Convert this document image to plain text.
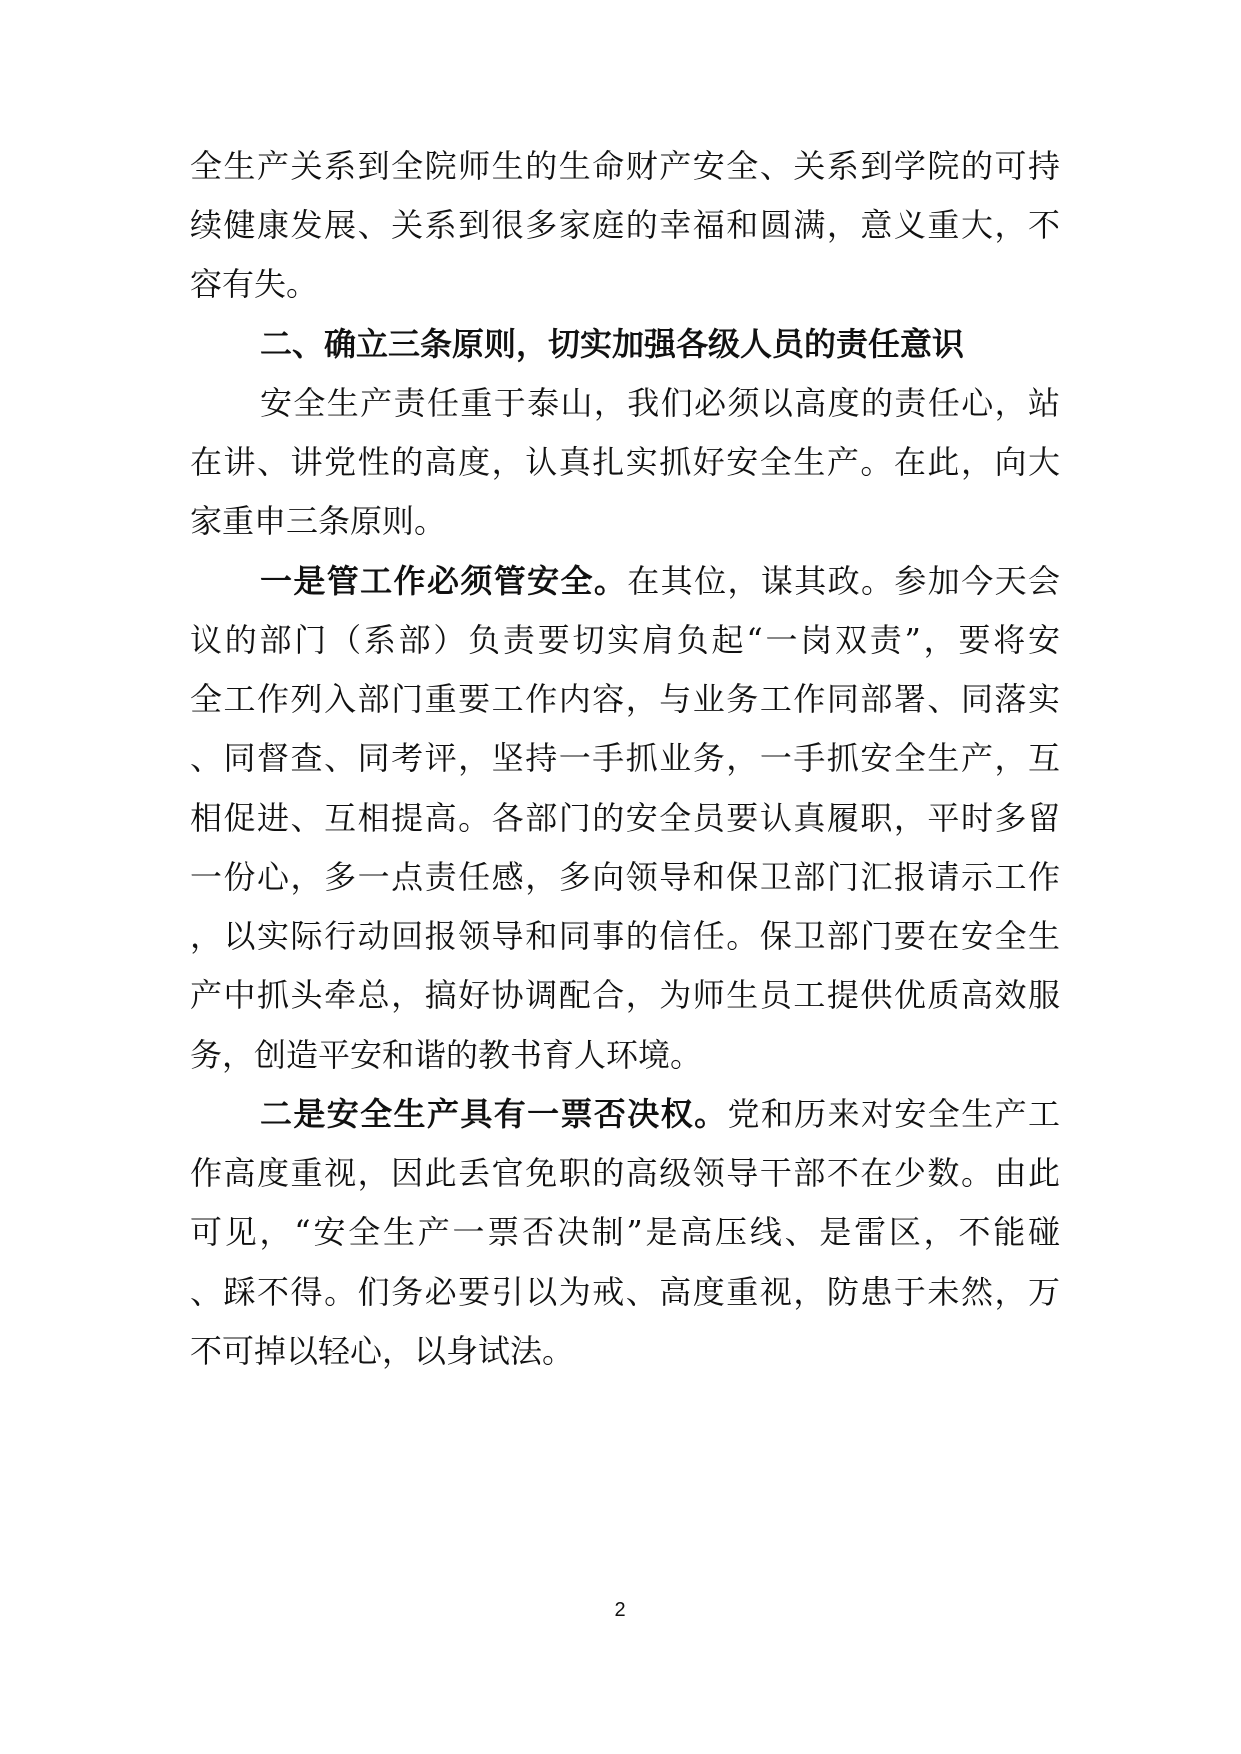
全生产关系到全院师生的生命财产安全、关系到学院的可持
续健康发展、关系到很多家庭的幸福和圆满，意义重大，不
容有失。
二、确立三条原则，切实加强各级人员的责任意识
安全生产责任重于泰山，我们必须以高度的责任心，站
在讲、讲党性的高度，认真扎实抓好安全生产。在此，向大
家重申三条原则。
一是管工作必须管安全。在其位，谋其政。参加今天会
议的部门（系部）负责要切实肩负起“一岗双责”，要将安
全工作列入部门重要工作内容，与业务工作同部署、同落实
、同督查、同考评，坚持一手抓业务，一手抓安全生产，互
相促进、互相提高。各部门的安全员要认真履职，平时多留
一份心，多一点责任感，多向领导和保卫部门汇报请示工作
，以实际行动回报领导和同事的信任。保卫部门要在安全生
产中抓头牵总，搞好协调配合，为师生员工提供优质高效服
务，创造平安和谐的教书育人环境。
二是安全生产具有一票否决权。党和历来对安全生产工
作高度重视，因此丢官免职的高级领导干部不在少数。由此
可见，“安全生产一票否决制”是高压线、是雷区，不能碰
、踩不得。们务必要引以为戒、高度重视，防患于未然，万
不可掉以轻心，以身试法。
2
